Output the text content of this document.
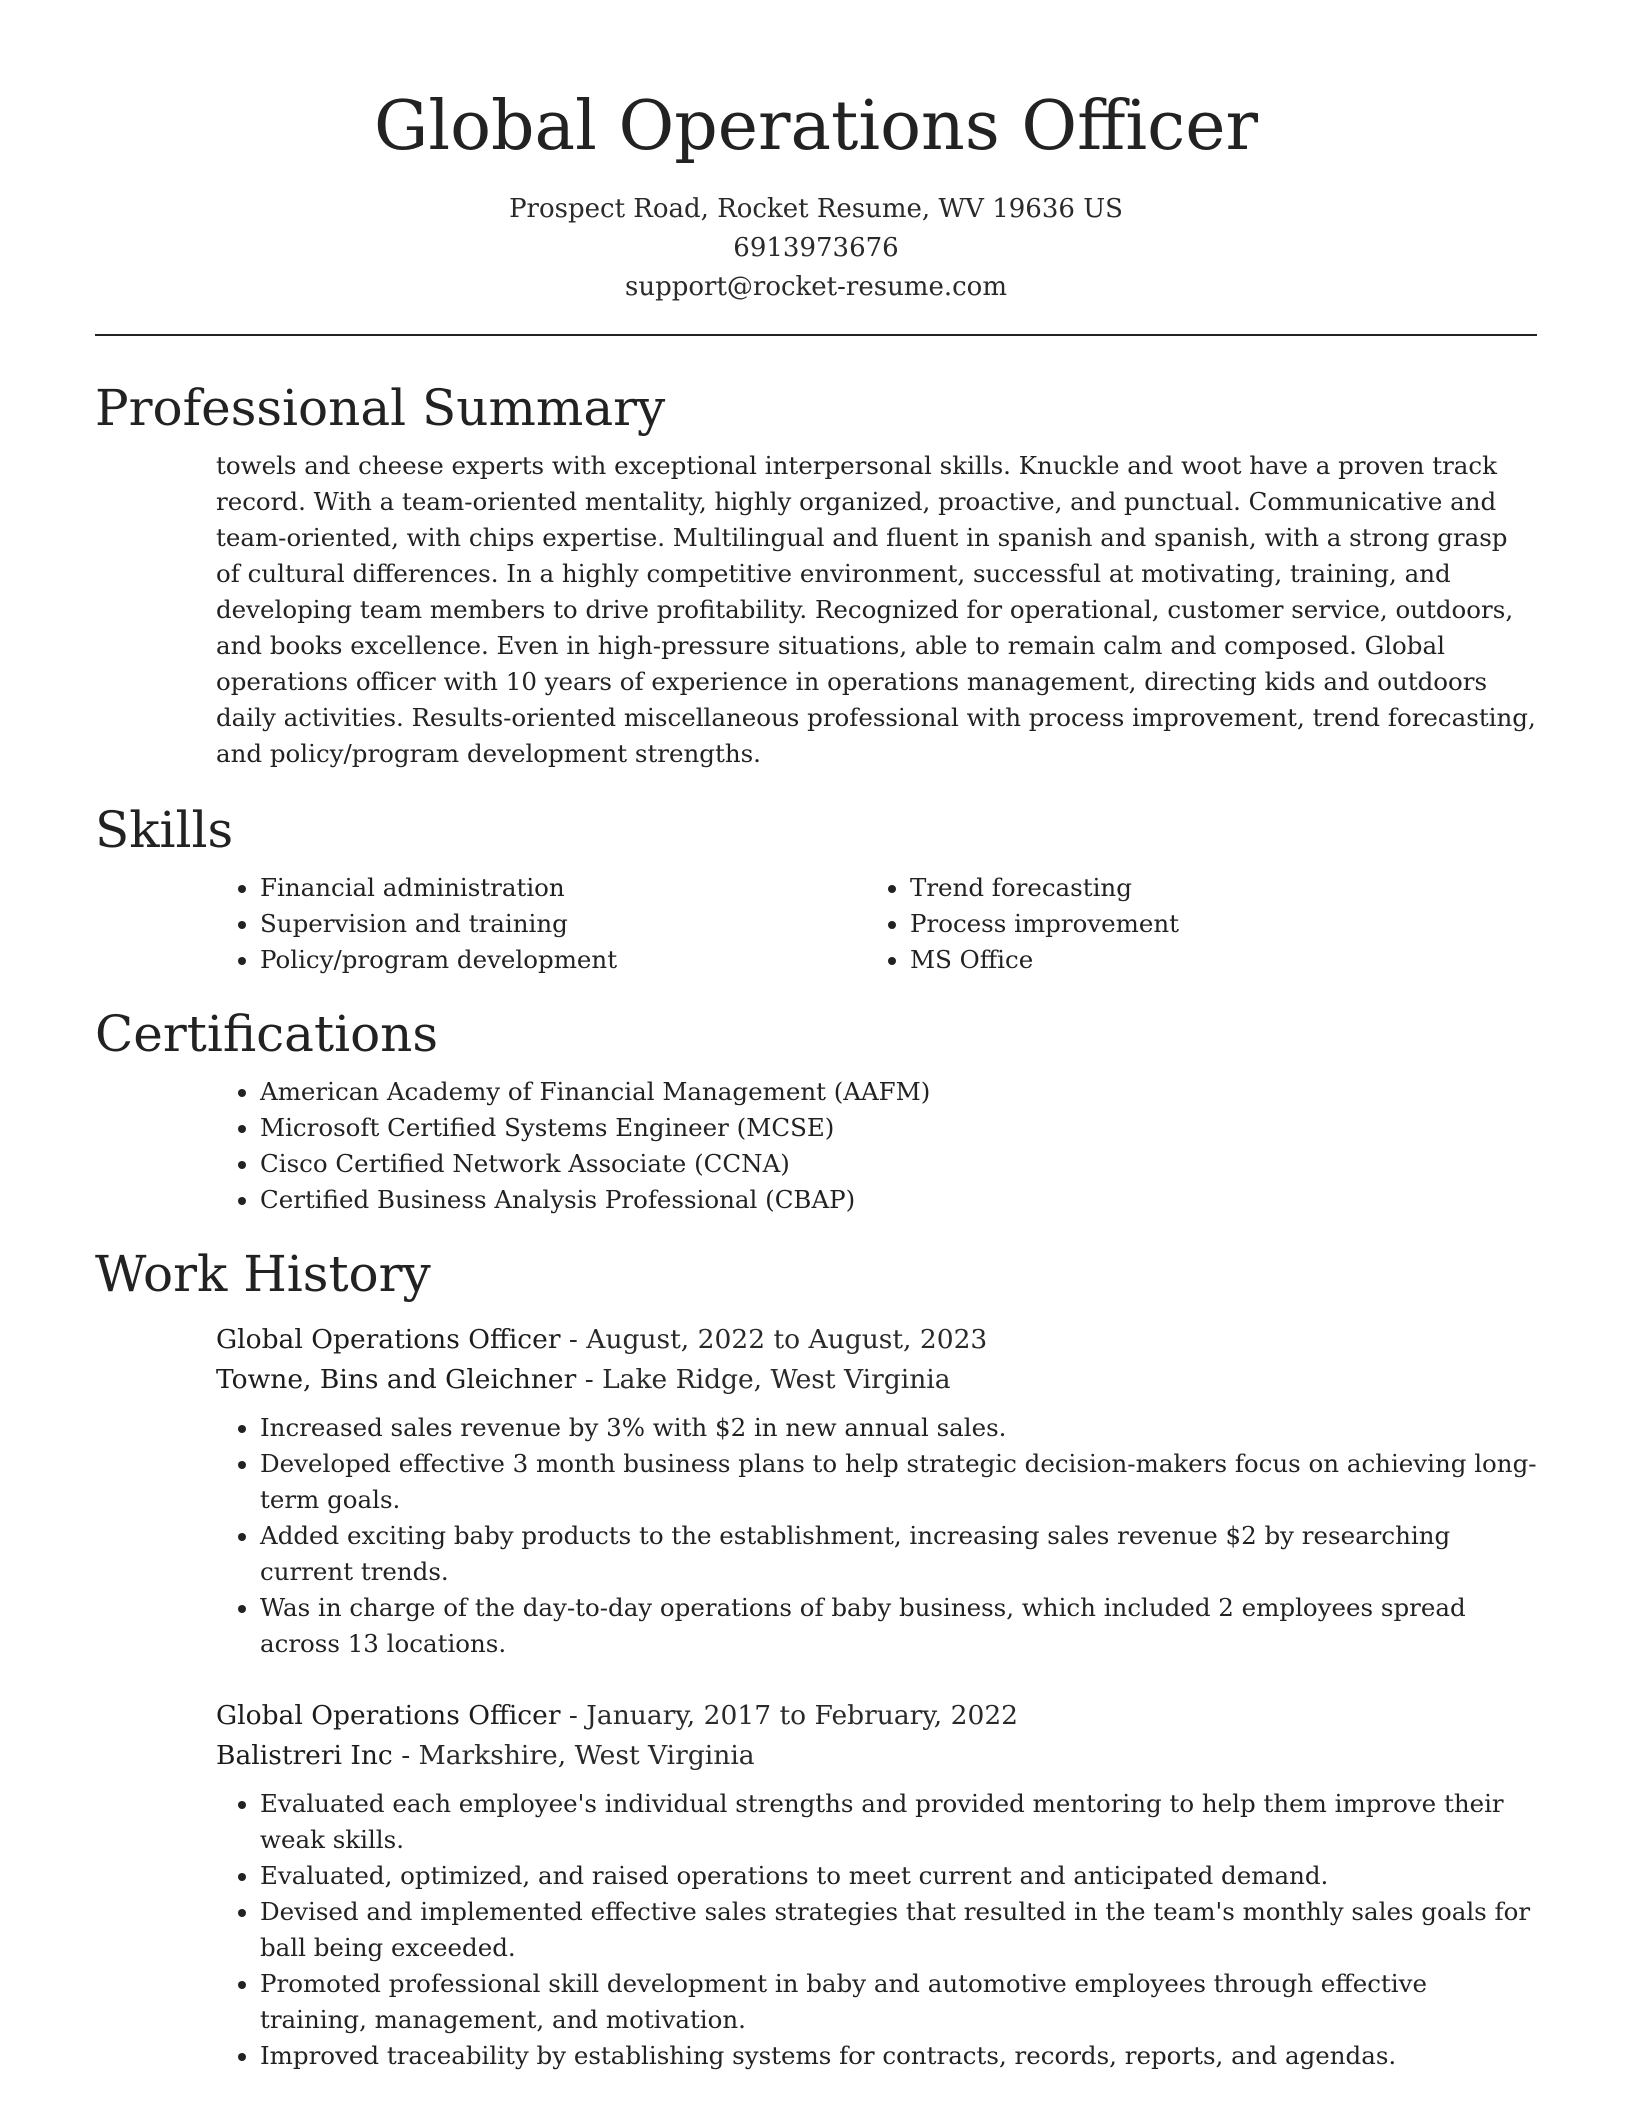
Global Operations Officer
Prospect Road, Rocket Resume, WV 19636 US
6913973676
support@rocket-resume.com
Professional Summary

towels and cheese experts with exceptional interpersonal skills. Knuckle and woot have a proven track record. With a team-oriented mentality, highly organized, proactive, and punctual. Communicative and team-oriented, with chips expertise. Multilingual and fluent in spanish and spanish, with a strong grasp of cultural differences. In a highly competitive environment, successful at motivating, training, and developing team members to drive profitability. Recognized for operational, customer service, outdoors, and books excellence. Even in high-pressure situations, able to remain calm and composed. Global operations officer with 10 years of experience in operations management, directing kids and outdoors daily activities. Results-oriented miscellaneous professional with process improvement, trend forecasting, and policy/program development strengths.

Skills
• Financial administration
• Supervision and training
• Policy/program development
• Trend forecasting
• Process improvement
• MS Office
Certifications
• American Academy of Financial Management (AAFM)
• Microsoft Certified Systems Engineer (MCSE)
• Cisco Certified Network Associate (CCNA)
• Certified Business Analysis Professional (CBAP)
Work History
Global Operations Officer - August, 2022 to August, 2023
Towne, Bins and Gleichner - Lake Ridge, West Virginia
• Increased sales revenue by 3% with $2 in new annual sales.
• Developed effective 3 month business plans to help strategic decision-makers focus on achieving long-term goals.
• Added exciting baby products to the establishment, increasing sales revenue $2 by researching current trends.
• Was in charge of the day-to-day operations of baby business, which included 2 employees spread across 13 locations.
Global Operations Officer - January, 2017 to February, 2022
Balistreri Inc - Markshire, West Virginia
• Evaluated each employee's individual strengths and provided mentoring to help them improve their weak skills.
• Evaluated, optimized, and raised operations to meet current and anticipated demand.
• Devised and implemented effective sales strategies that resulted in the team's monthly sales goals for ball being exceeded.
• Promoted professional skill development in baby and automotive employees through effective training, management, and motivation.
• Improved traceability by establishing systems for contracts, records, reports, and agendas.
